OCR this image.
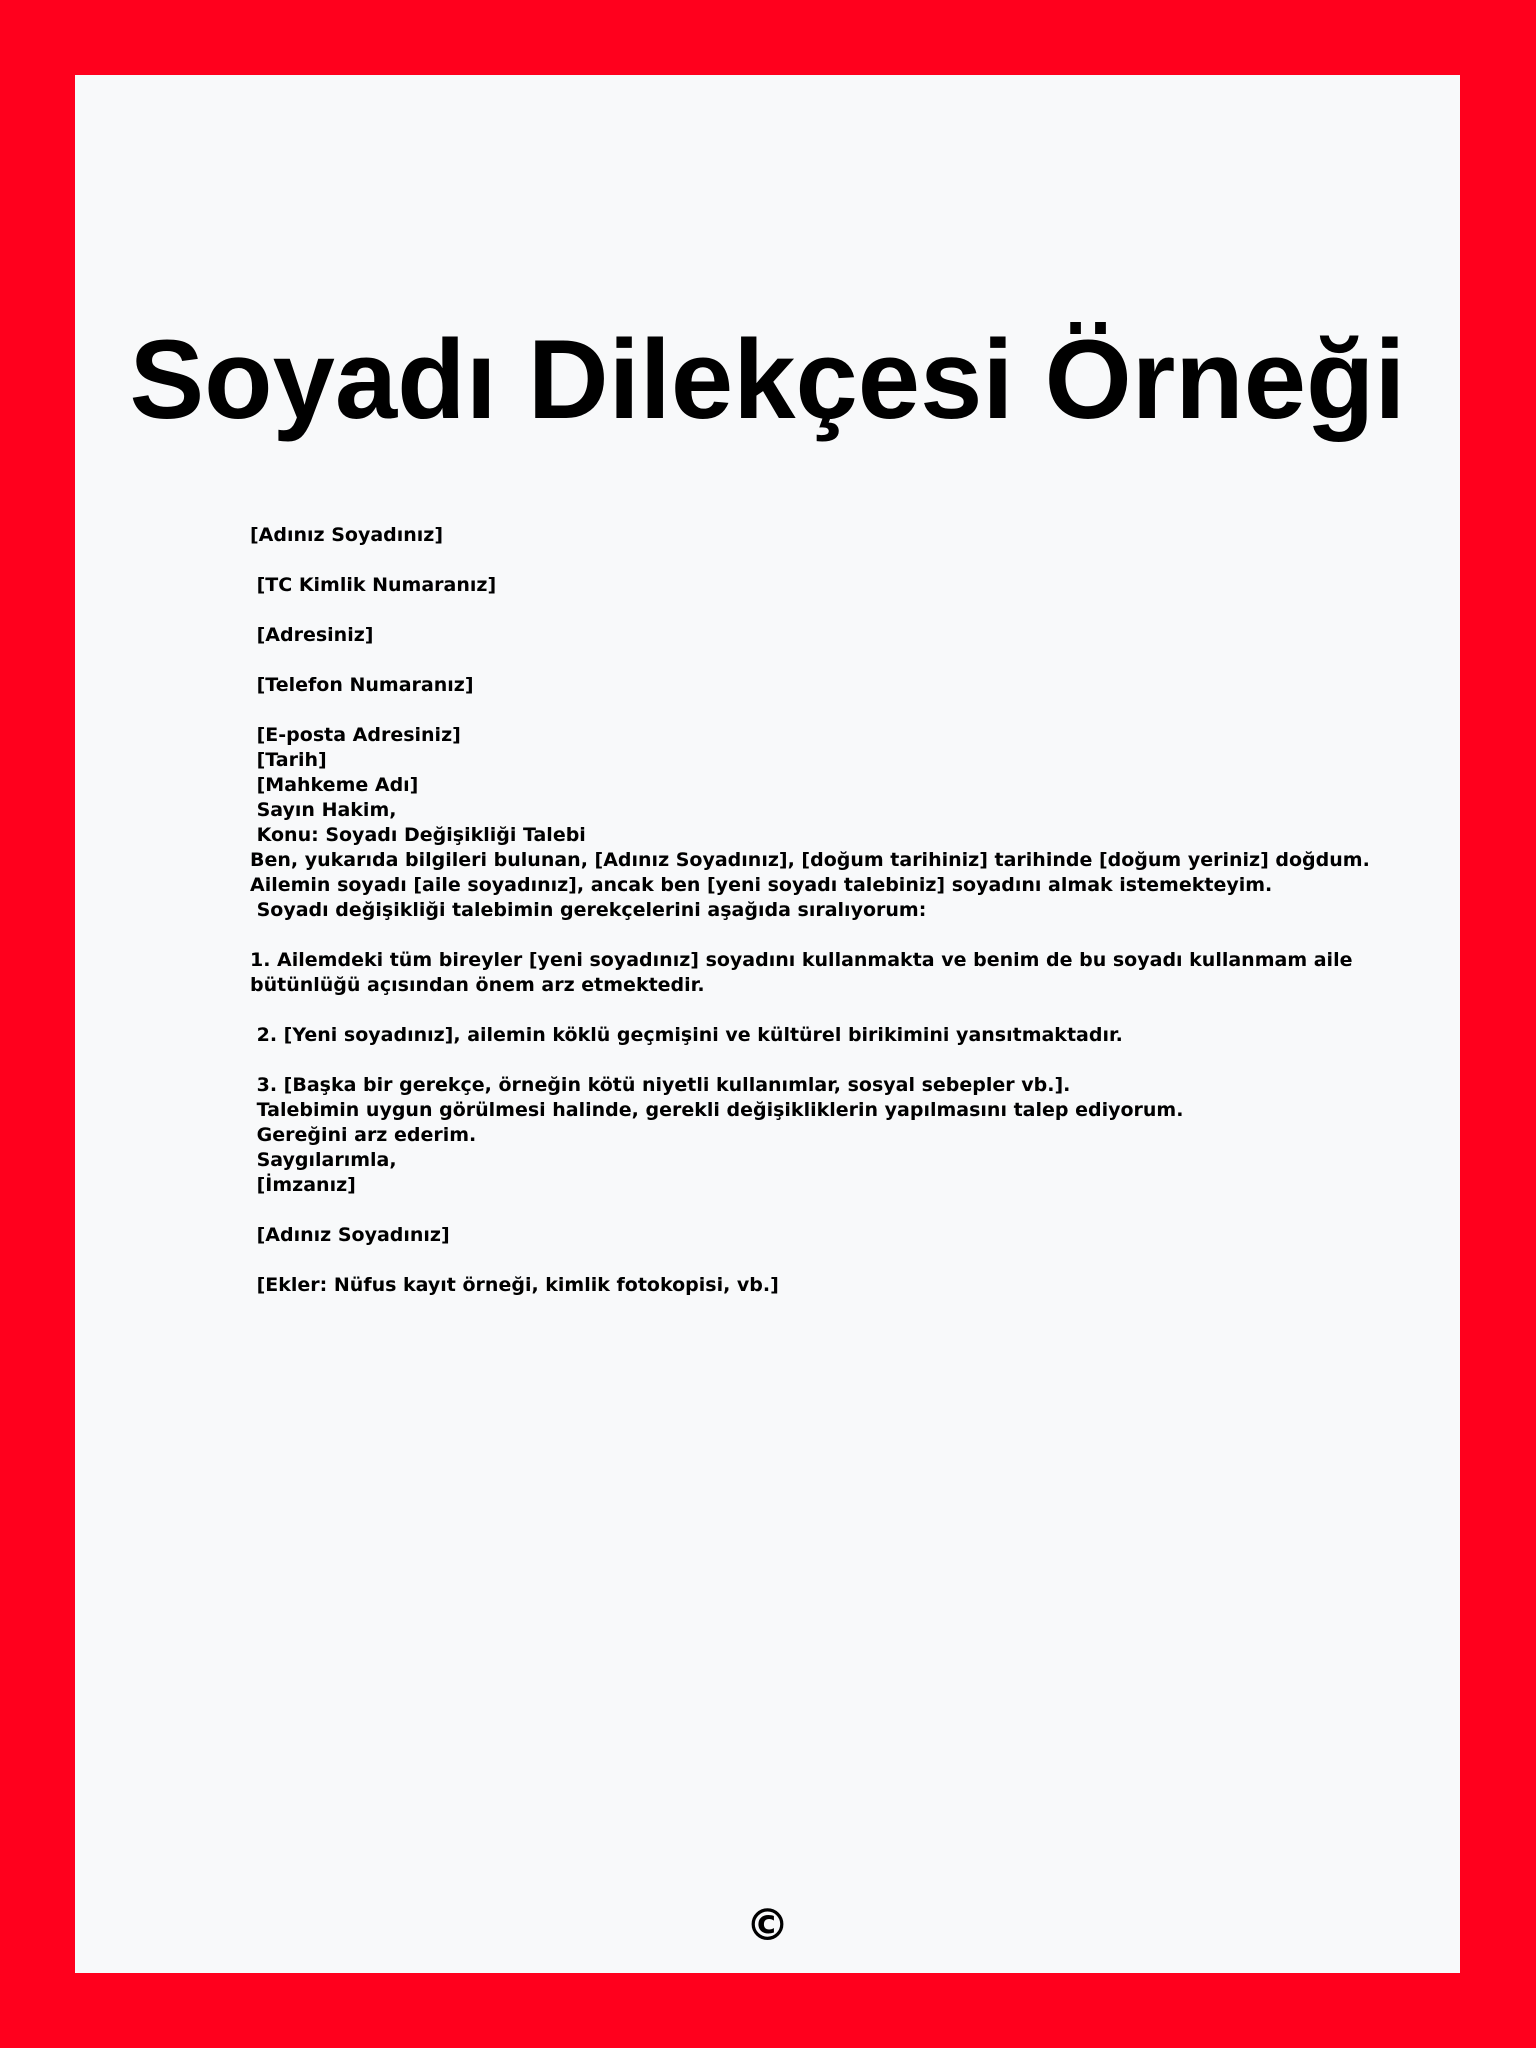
Soyadı Dilekçesi Örneği
[Adınız Soyadınız]
[TC Kimlik Numaranız]
[Adresiniz]
[Telefon Numaranız]
[E-posta Adresiniz]
[Tarih]
[Mahkeme Adı]
Sayın Hakim,
Konu: Soyadı Değişikliği Talebi
Ben, yukarıda bilgileri bulunan, [Adınız Soyadınız], [doğum tarihiniz] tarihinde [doğum yeriniz] doğdum.
Ailemin soyadı [aile soyadınız], ancak ben [yeni soyadı talebiniz] soyadını almak istemekteyim.
Soyadı değişikliği talebimin gerekçelerini aşağıda sıralıyorum:
1. Ailemdeki tüm bireyler [yeni soyadınız] soyadını kullanmakta ve benim de bu soyadı kullanmam aile
bütünlüğü açısından önem arz etmektedir.
2. [Yeni soyadınız], ailemin köklü geçmişini ve kültürel birikimini yansıtmaktadır.
3. [Başka bir gerekçe, örneğin kötü niyetli kullanımlar, sosyal sebepler vb.].
Talebimin uygun görülmesi halinde, gerekli değişikliklerin yapılmasını talep ediyorum.
Gereğini arz ederim.
Saygılarımla,
[İmzanız]
[Adınız Soyadınız]
[Ekler: Nüfus kayıt örneği, kimlik fotokopisi, vb.]
©
